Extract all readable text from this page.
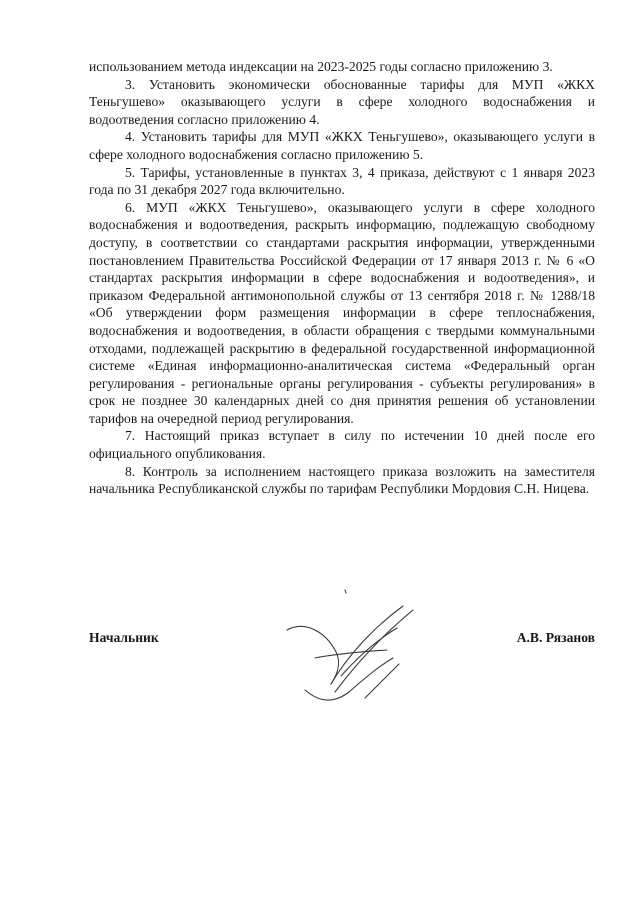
использованием метода индексации на 2023-2025 годы согласно приложению 3.

3. Установить экономически обоснованные тарифы для МУП «ЖКХ Теньгушево» оказывающего услуги в сфере холодного водоснабжения и водоотведения согласно приложению 4.

4. Установить тарифы для МУП «ЖКХ Теньгушево», оказывающего услуги в сфере холодного водоснабжения согласно приложению 5.

5. Тарифы, установленные в пунктах 3, 4 приказа, действуют с 1 января 2023 года по 31 декабря 2027 года включительно.

6. МУП «ЖКХ Теньгушево», оказывающего услуги в сфере холодного водоснабжения и водоотведения, раскрыть информацию, подлежащую свободному доступу, в соответствии со стандартами раскрытия информации, утвержденными постановлением Правительства Российской Федерации от 17 января 2013 г. № 6 «О стандартах раскрытия информации в сфере водоснабжения и водоотведения», и приказом Федеральной антимонопольной службы от 13 сентября 2018 г. № 1288/18 «Об утверждении форм размещения информации в сфере теплоснабжения, водоснабжения и водоотведения, в области обращения с твердыми коммунальными отходами, подлежащей раскрытию в федеральной государственной информационной системе «Единая информационно-аналитическая система «Федеральный орган регулирования - региональные органы регулирования - субъекты регулирования» в срок не позднее 30 календарных дней со дня принятия решения об установлении тарифов на очередной период регулирования.

7. Настоящий приказ вступает в силу по истечении 10 дней после его официального опубликования.

8. Контроль за исполнением настоящего приказа возложить на заместителя начальника Республиканской службы по тарифам Республики Мордовия С.Н. Ницева.

Начальник	А.В. Рязанов
